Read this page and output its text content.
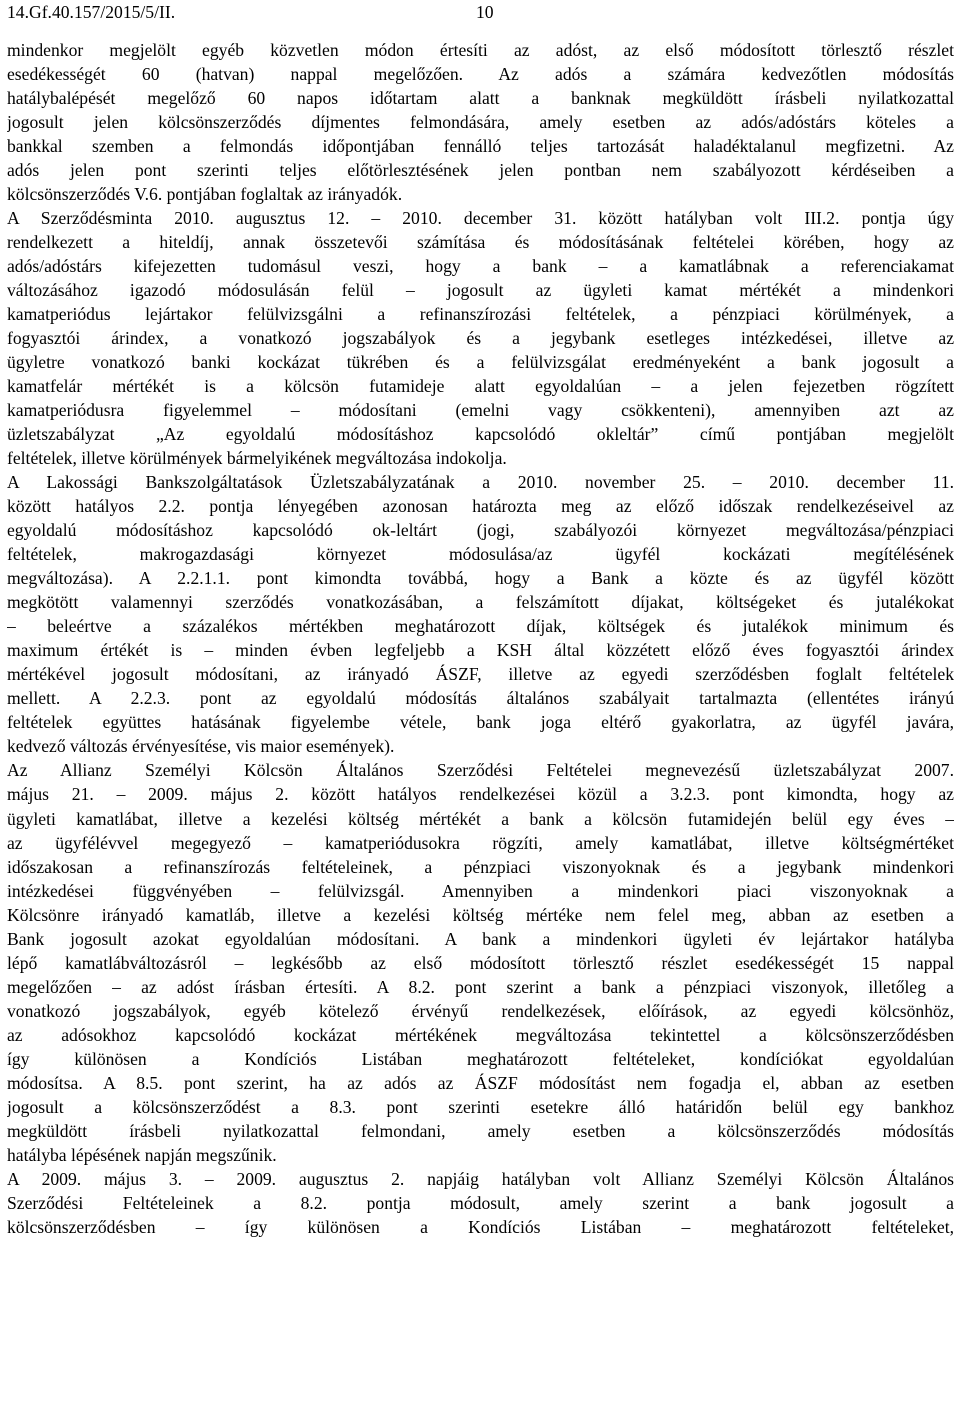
14.Gf.40.157/2015/5/II.	10
mindenkor megjelölt egyéb közvetlen módon értesíti az adóst, az első módosított törlesztő részlet
esedékességét 60 (hatvan) nappal megelőzően. Az adós a számára kedvezőtlen módosítás
hatálybalépését megelőző 60 napos időtartam alatt a banknak megküldött írásbeli nyilatkozattal
jogosult jelen kölcsönszerződés díjmentes felmondására, amely esetben az adós/adóstárs köteles a
bankkal szemben a felmondás időpontjában fennálló teljes tartozását haladéktalanul megfizetni. Az
adós jelen pont szerinti teljes előtörlesztésének jelen pontban nem szabályozott kérdéseiben a
kölcsönszerződés V.6. pontjában foglaltak az irányadók.
A Szerződésminta 2010. augusztus 12. – 2010. december 31. között hatályban volt III.2. pontja úgy
rendelkezett a hiteldíj, annak összetevői számítása és módosításának feltételei körében, hogy az
adós/adóstárs kifejezetten tudomásul veszi, hogy a bank – a kamatlábnak a referenciakamat
változásához igazodó módosulásán felül – jogosult az ügyleti kamat mértékét a mindenkori
kamatperiódus lejártakor felülvizsgálni a refinanszírozási feltételek, a pénzpiaci körülmények, a
fogyasztói árindex, a vonatkozó jogszabályok és a jegybank esetleges intézkedései, illetve az
ügyletre vonatkozó banki kockázat tükrében és a felülvizsgálat eredményeként a bank jogosult a
kamatfelár mértékét is a kölcsön futamideje alatt egyoldalúan – a jelen fejezetben rögzített
kamatperiódusra figyelemmel – módosítani (emelni vagy csökkenteni), amennyiben azt az
üzletszabályzat „Az egyoldalú módosításhoz kapcsolódó okleltár” című pontjában megjelölt
feltételek, illetve körülmények bármelyikének megváltozása indokolja.
A Lakossági Bankszolgáltatások Üzletszabályzatának a 2010. november 25. – 2010. december 11.
között hatályos 2.2. pontja lényegében azonosan határozta meg az előző időszak rendelkezéseivel az
egyoldalú módosításhoz kapcsolódó ok-leltárt (jogi, szabályozói környezet megváltozása/pénzpiaci
feltételek, makrogazdasági környezet módosulása/az ügyfél kockázati megítélésének
megváltozása). A 2.2.1.1. pont kimondta továbbá, hogy a Bank a közte és az ügyfél között
megkötött valamennyi szerződés vonatkozásában, a felszámított díjakat, költségeket és jutalékokat
– beleértve a százalékos mértékben meghatározott díjak, költségek és jutalékok minimum és
maximum értékét is – minden évben legfeljebb a KSH által közzétett előző éves fogyasztói árindex
mértékével jogosult módosítani, az irányadó ÁSZF, illetve az egyedi szerződésben foglalt feltételek
mellett. A 2.2.3. pont az egyoldalú módosítás általános szabályait tartalmazta (ellentétes irányú
feltételek együttes hatásának figyelembe vétele, bank joga eltérő gyakorlatra, az ügyfél javára,
kedvező változás érvényesítése, vis maior események).
Az Allianz Személyi Kölcsön Általános Szerződési Feltételei megnevezésű üzletszabályzat 2007.
május 21. – 2009. május 2. között hatályos rendelkezései közül a 3.2.3. pont kimondta, hogy az
ügyleti kamatlábat, illetve a kezelési költség mértékét a bank a kölcsön futamidején belül egy éves –
az ügyfélévvel megegyező – kamatperiódusokra rögzíti, amely kamatlábat, illetve költségmértéket
időszakosan a refinanszírozás feltételeinek, a pénzpiaci viszonyoknak és a jegybank mindenkori
intézkedései függvényében – felülvizsgál. Amennyiben a mindenkori piaci viszonyoknak a
Kölcsönre irányadó kamatláb, illetve a kezelési költség mértéke nem felel meg, abban az esetben a
Bank jogosult azokat egyoldalúan módosítani. A bank a mindenkori ügyleti év lejártakor hatályba
lépő kamatlábváltozásról – legkésőbb az első módosított törlesztő részlet esedékességét 15 nappal
megelőzően – az adóst írásban értesíti. A 8.2. pont szerint a bank a pénzpiaci viszonyok, illetőleg a
vonatkozó jogszabályok, egyéb kötelező érvényű rendelkezések, előírások, az egyedi kölcsönhöz,
az adósokhoz kapcsolódó kockázat mértékének megváltozása tekintettel a kölcsönszerződésben
így különösen a Kondíciós Listában meghatározott feltételeket, kondíciókat egyoldalúan
módosítsa. A 8.5. pont szerint, ha az adós az ÁSZF módosítást nem fogadja el, abban az esetben
jogosult a kölcsönszerződést a 8.3. pont szerinti esetekre álló határidőn belül egy bankhoz
megküldött írásbeli nyilatkozattal felmondani, amely esetben a kölcsönszerződés módosítás
hatályba lépésének napján megszűnik.
A 2009. május 3. – 2009. augusztus 2. napjáig hatályban volt Allianz Személyi Kölcsön Általános
Szerződési Feltételeinek a 8.2. pontja módosult, amely szerint a bank jogosult a
kölcsönszerződésben – így különösen a Kondíciós Listában – meghatározott feltételeket,
